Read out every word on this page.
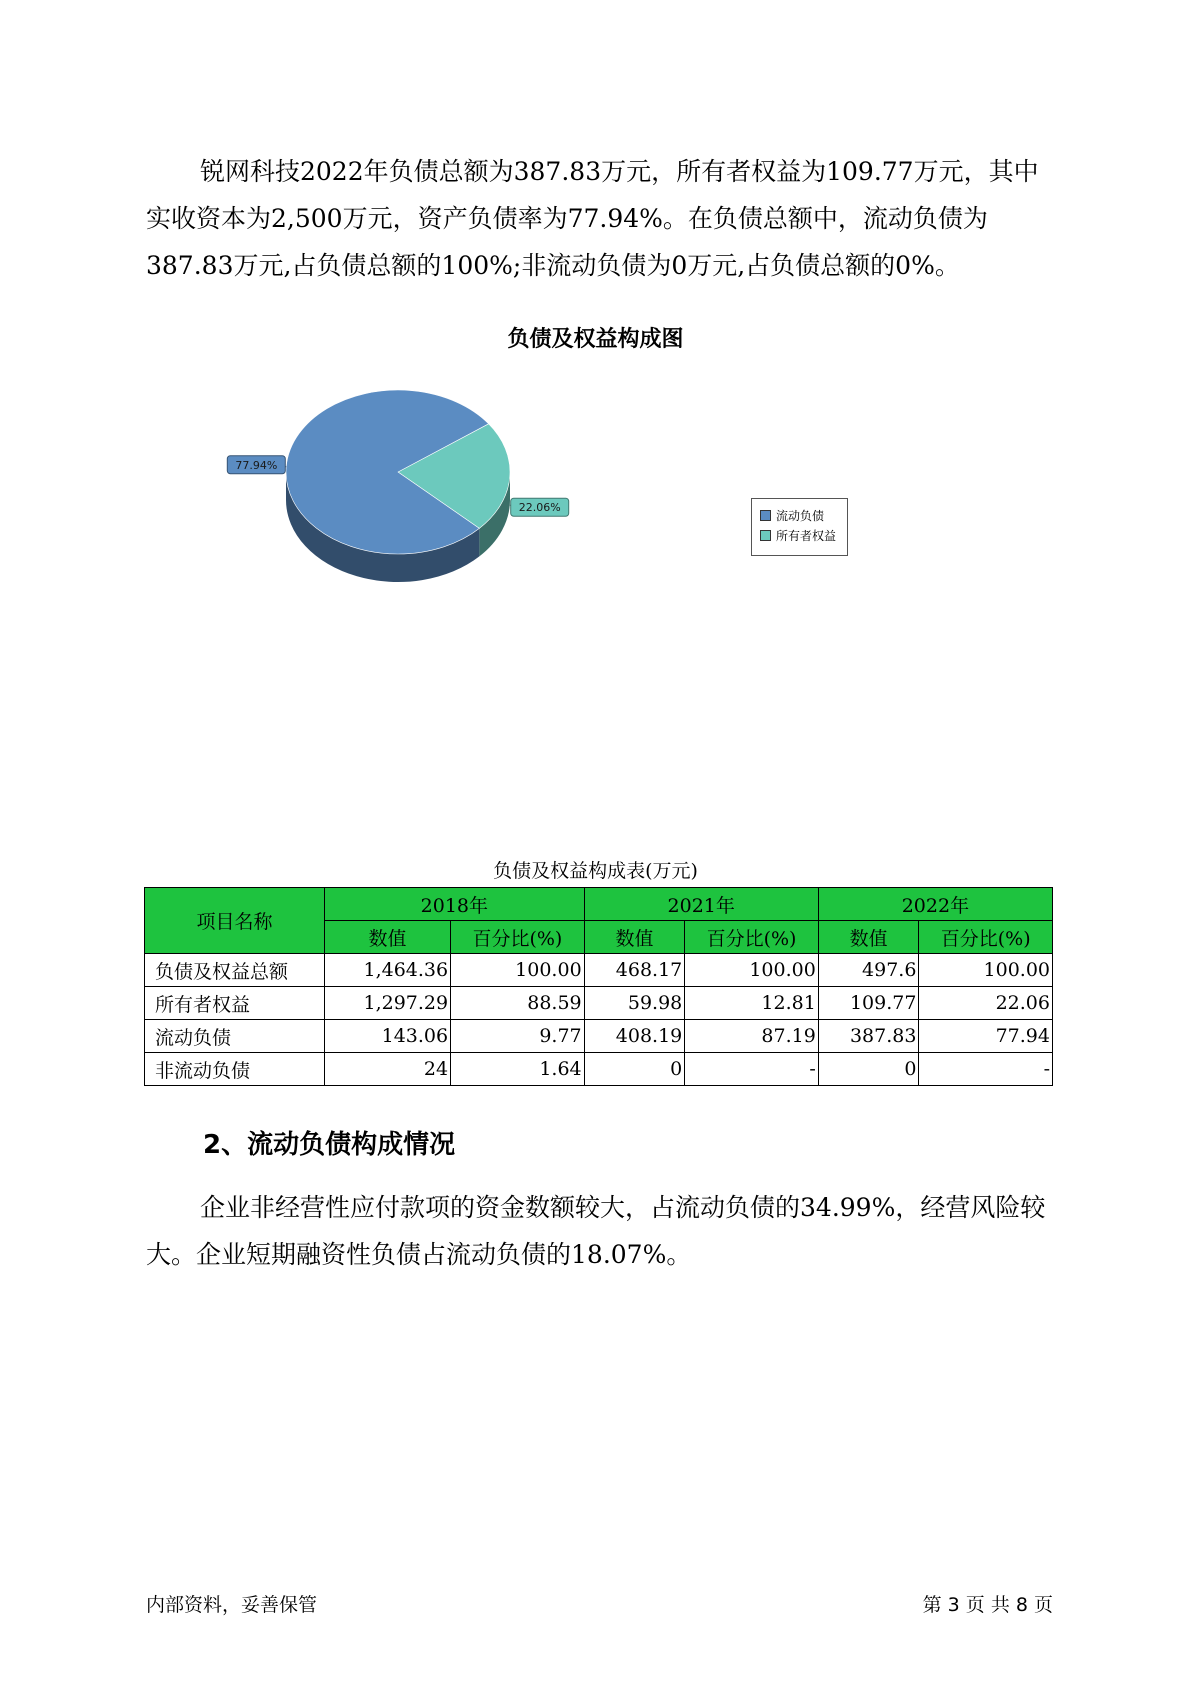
锐网科技2022年负债总额为387.83万元，所有者权益为109.77万元，其中实收资本为2,500万元，资产负债率为77.94%。在负债总额中，流动负债为387.83万元,占负债总额的100%;非流动负债为0万元,占负债总额的0%。

负债及权益构成图
22.06%
77.94%
流动负债
所有者权益
负债及权益构成表(万元)
项目名称	2018年		2021年		2022年	
	数值	百分比(%)	数值	百分比(%)	数值	百分比(%)
负债及权益总额	1,464.36	100.00	468.17	100.00	497.6	100.00
所有者权益	1,297.29	88.59	59.98	12.81	109.77	22.06
流动负债	143.06	9.77	408.19	87.19	387.83	77.94
非流动负债	24	1.64	0	-	0	-
2、流动负债构成情况

企业非经营性应付款项的资金数额较大，占流动负债的34.99%，经营风险较大。企业短期融资性负债占流动负债的18.07%。

内部资料，妥善保管	第 3 页 共 8 页
